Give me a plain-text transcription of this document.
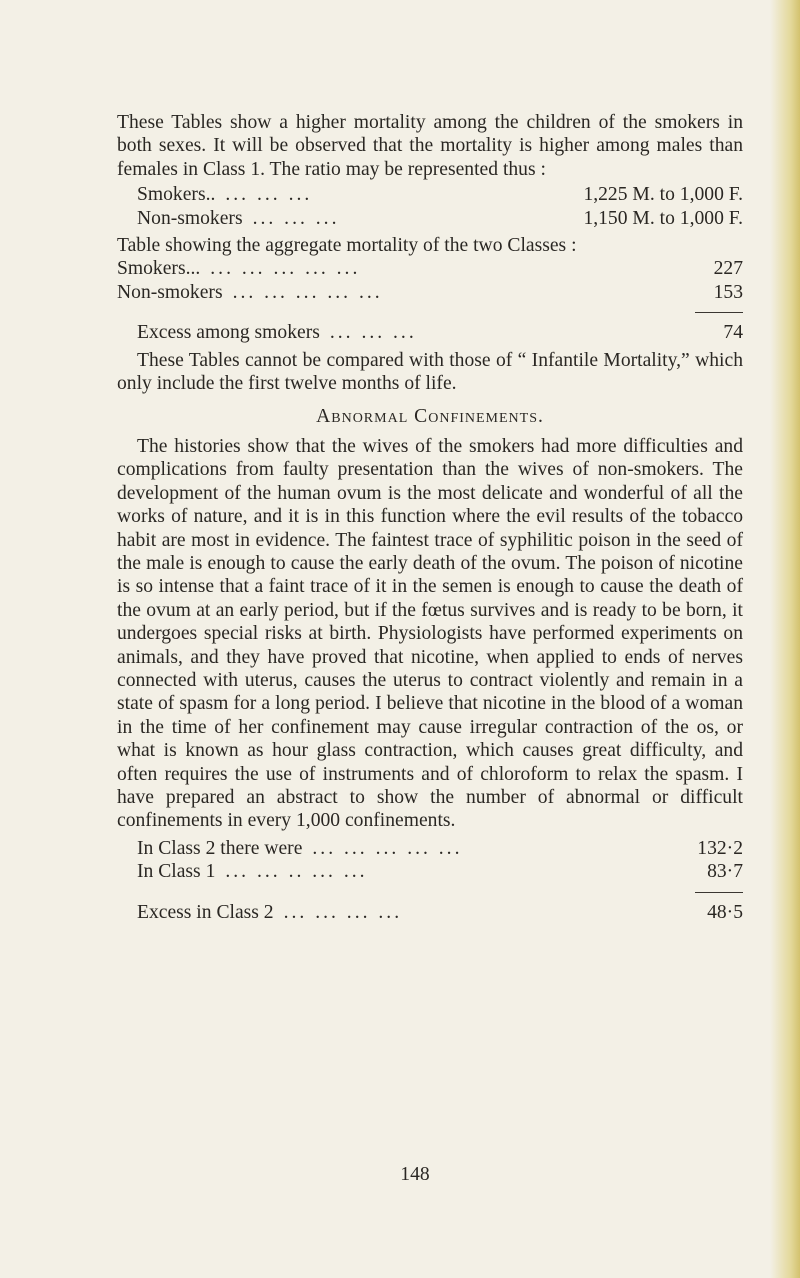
These Tables show a higher mortality among the children of the smokers in both sexes. It will be observed that the mortality is higher among males than females in Class 1. The ratio may be represented thus :

Smokers.. ... ... ...	1,225 M. to 1,000 F.
Non-smokers ... ... ...	1,150 M. to 1,000 F.

Table showing the aggregate mortality of the two Classes :

Smokers... ... ... ... ... ...	227
Non-smokers ... ... ... ... ...	153
Excess among smokers ... ... ...	74

These Tables cannot be compared with those of “ Infantile Mortality,” which only include the first twelve months of life.

Abnormal Confinements.

The histories show that the wives of the smokers had more difficulties and complications from faulty presentation than the wives of non-smokers. The development of the human ovum is the most delicate and wonderful of all the works of nature, and it is in this function where the evil results of the tobacco habit are most in evidence. The faintest trace of syphilitic poison in the seed of the male is enough to cause the early death of the ovum. The poison of nicotine is so intense that a faint trace of it in the semen is enough to cause the death of the ovum at an early period, but if the fœtus survives and is ready to be born, it undergoes special risks at birth. Physiologists have performed experiments on animals, and they have proved that nicotine, when applied to ends of nerves connected with uterus, causes the uterus to contract violently and remain in a state of spasm for a long period. I believe that nicotine in the blood of a woman in the time of her confinement may cause irregular contraction of the os, or what is known as hour glass contraction, which causes great difficulty, and often requires the use of instruments and of chloroform to relax the spasm. I have prepared an abstract to show the number of abnormal or difficult confinements in every 1,000 confinements.

In Class 2 there were ... ... ... ... ...	132·2
In Class 1 ... ... .. ... ...	83·7
Excess in Class 2 ... ... ... ...	48·5
148
